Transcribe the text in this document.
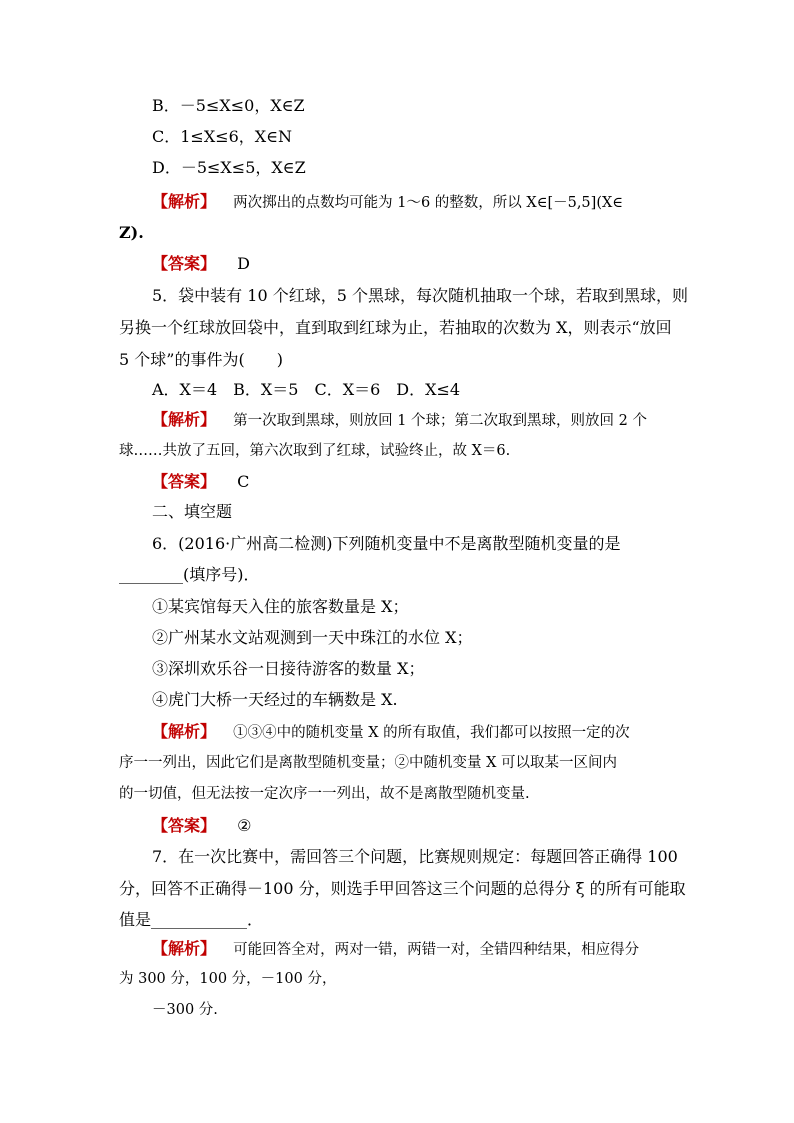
B．－5≤X≤0，X∈Z
C．1≤X≤6，X∈N
D．－5≤X≤5，X∈Z
【解析】 两次掷出的点数均可能为 1～6 的整数，所以 X∈[－5,5](X∈
Z).
【答案】 D
5．袋中装有 10 个红球，5 个黑球，每次随机抽取一个球，若取到黑球，则
另换一个红球放回袋中，直到取到红球为止，若抽取的次数为 X，则表示“放回
5 个球”的事件为(　　)
A．X＝4　B．X＝5　C．X＝6　D．X≤4
【解析】 第一次取到黑球，则放回 1 个球；第二次取到黑球，则放回 2 个
球……共放了五回，第六次取到了红球，试验终止，故 X＝6.
【答案】 C
二、填空题
6．(2016·广州高二检测)下列随机变量中不是离散型随机变量的是
________(填序号)．
①某宾馆每天入住的旅客数量是 X；
②广州某水文站观测到一天中珠江的水位 X；
③深圳欢乐谷一日接待游客的数量 X；
④虎门大桥一天经过的车辆数是 X.
【解析】 ①③④中的随机变量 X 的所有取值，我们都可以按照一定的次
序一一列出，因此它们是离散型随机变量；②中随机变量 X 可以取某一区间内
的一切值，但无法按一定次序一一列出，故不是离散型随机变量.
【答案】 ②
7．在一次比赛中，需回答三个问题，比赛规则规定：每题回答正确得 100
分，回答不正确得－100 分，则选手甲回答这三个问题的总得分 ξ 的所有可能取
值是____________．
【解析】 可能回答全对，两对一错，两错一对，全错四种结果，相应得分
为 300 分，100 分，－100 分，
－300 分.
